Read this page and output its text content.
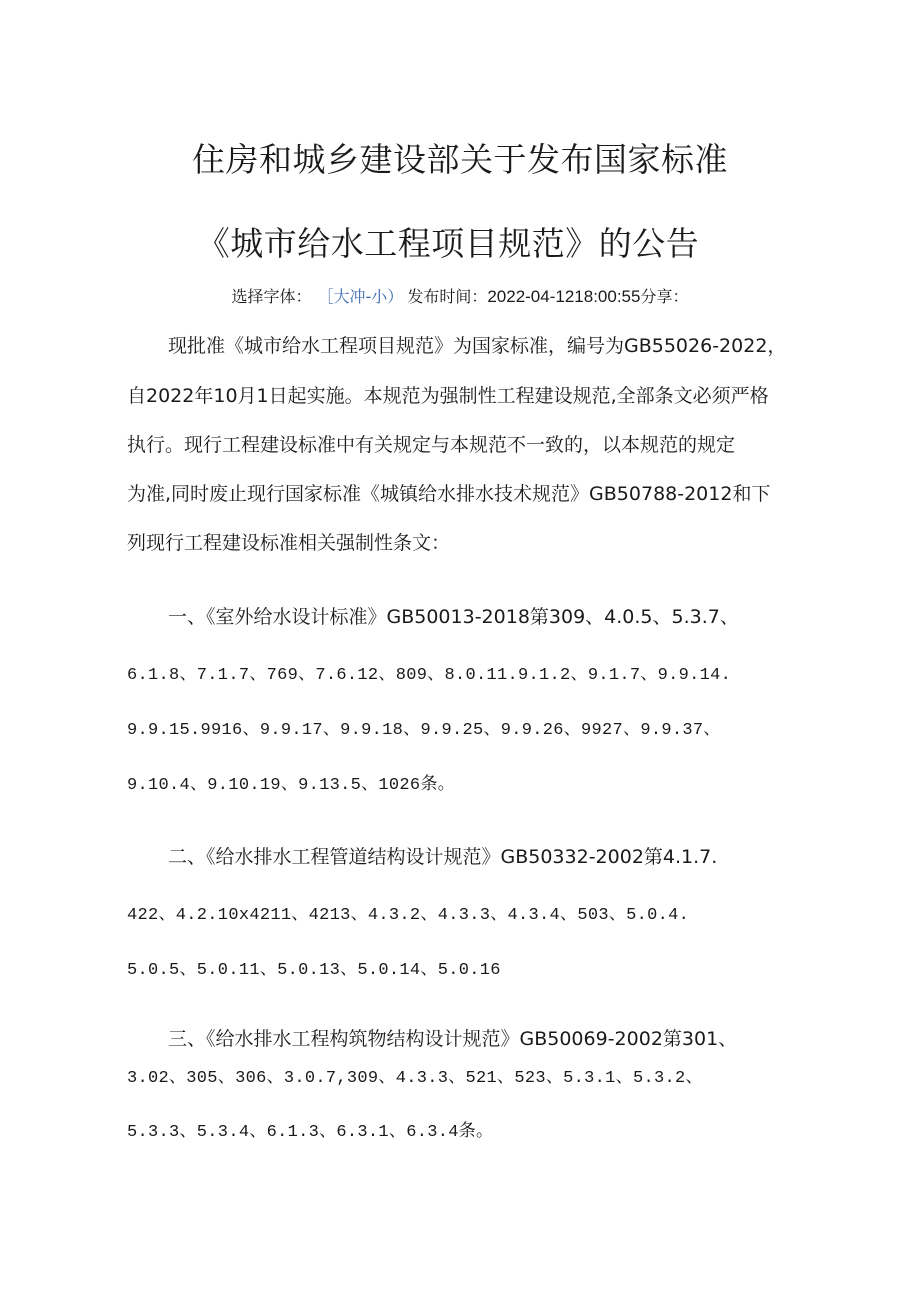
住房和城乡建设部关于发布国家标准
《城市给水工程项目规范》的公告
选择字体： ［大冲-小） 发布时间：2022-04-1218:00:55分享：
现批准《城市给水工程项目规范》为国家标准，编号为GB55026-2022，
自2022年10月1日起实施。本规范为强制性工程建设规范,全部条文必须严格
执行。现行工程建设标准中有关规定与本规范不一致的，以本规范的规定
为准,同时废止现行国家标准《城镇给水排水技术规范》GB50788-2012和下
列现行工程建设标准相关强制性条文：
一、《室外给水设计标准》GB50013-2018第309、4.0.5、5.3.7、
6.1.8、7.1.7、769、7.6.12、809、8.0.11.9.1.2、9.1.7、9.9.14.
9.9.15.9916、9.9.17、9.9.18、9.9.25、9.9.26、9927、9.9.37、
9.10.4、9.10.19、9.13.5、1026条。
二、《给水排水工程管道结构设计规范》GB50332-2002第4.1.7.
422、4.2.10x4211、4213、4.3.2、4.3.3、4.3.4、503、5.0.4.
5.0.5、5.0.11、5.0.13、5.0.14、5.0.16
三、《给水排水工程构筑物结构设计规范》GB50069-2002第301、
3.02、305、306、3.0.7,309、4.3.3、521、523、5.3.1、5.3.2、
5.3.3、5.3.4、6.1.3、6.3.1、6.3.4条。
